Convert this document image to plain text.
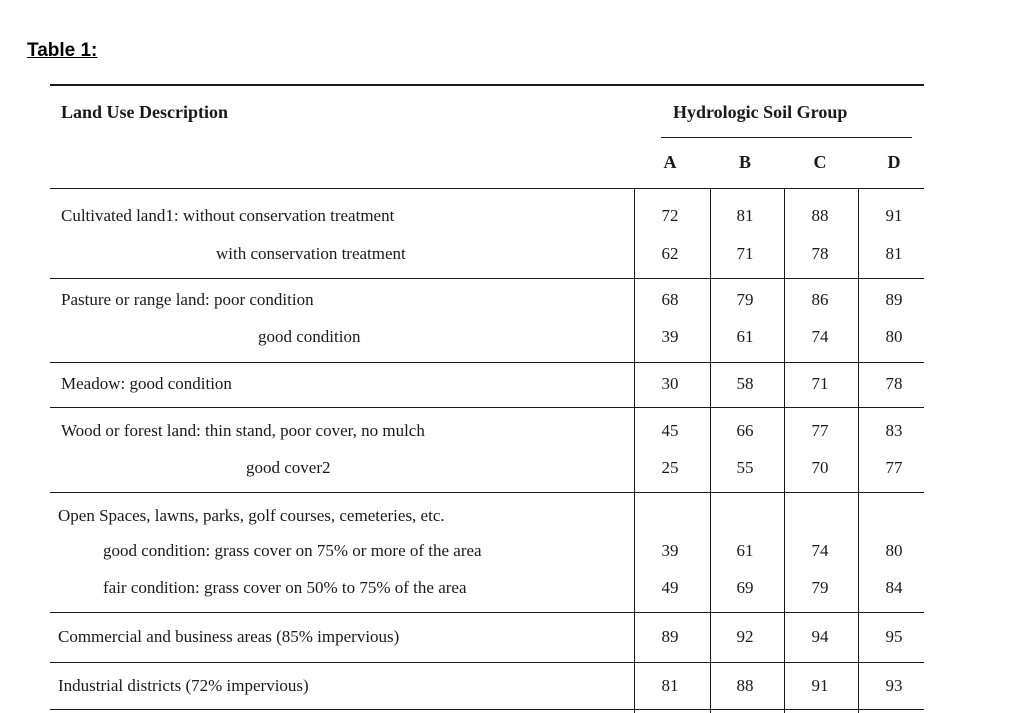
Table 1:
Land Use Description	Hydrologic Soil Group
A	B	C	D
Cultivated land1: without conservation treatment	72	81	88	91
with conservation treatment	62	71	78	81
Pasture or range land: poor condition	68	79	86	89
good condition	39	61	74	80
Meadow: good condition	30	58	71	78
Wood or forest land: thin stand, poor cover, no mulch	45	66	77	83
good cover2	25	55	70	77
Open Spaces, lawns, parks, golf courses, cemeteries, etc.
good condition: grass cover on 75% or more of the area	39	61	74	80
fair condition: grass cover on 50% to 75% of the area	49	69	79	84
Commercial and business areas (85% impervious)	89	92	94	95
Industrial districts (72% impervious)	81	88	91	93
